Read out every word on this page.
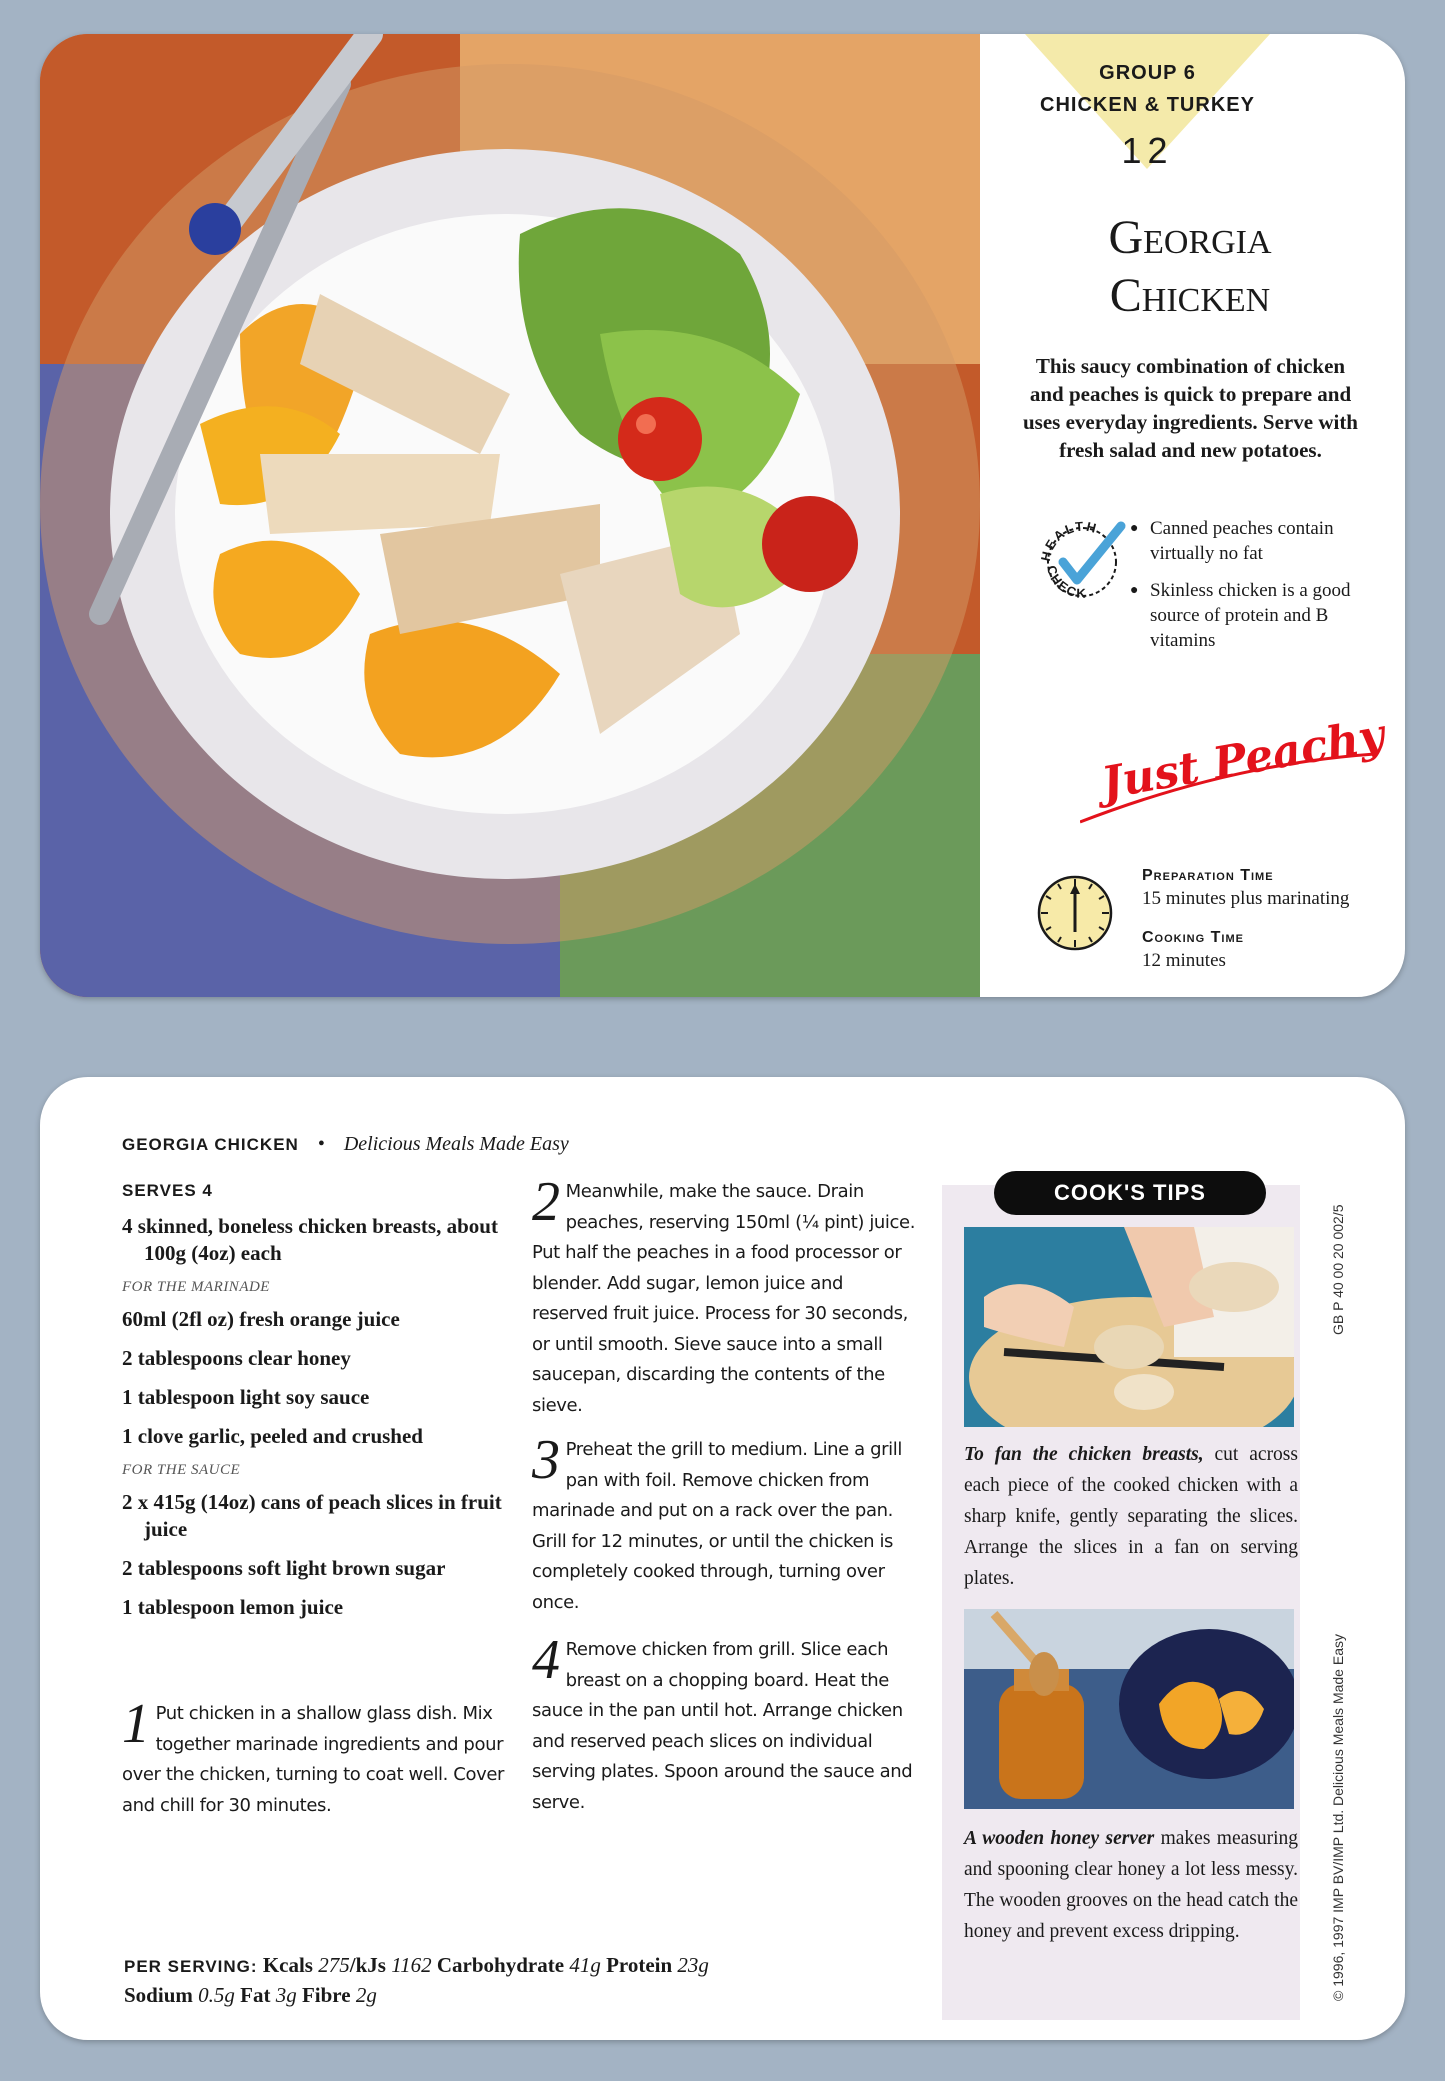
GROUP 6
CHICKEN & TURKEY
12
Georgia
Chicken
This saucy combination of chicken and peaches is quick to prepare and uses everyday ingredients. Serve with fresh salad and new potatoes.
HEALTH
CHECK
● Canned peaches contain virtually no fat
● Skinless chicken is a good source of protein and B vitamins
Just Peachy
Preparation Time
15 minutes plus marinating
Cooking Time
12 minutes
GEORGIA CHICKEN • Delicious Meals Made Easy
SERVES 4
4 skinned, boneless chicken breasts, about 100g (4oz) each
FOR THE MARINADE
60ml (2fl oz) fresh orange juice
2 tablespoons clear honey
1 tablespoon light soy sauce
1 clove garlic, peeled and crushed
FOR THE SAUCE
2 x 415g (14oz) cans of peach slices in fruit juice
2 tablespoons soft light brown sugar
1 tablespoon lemon juice
1 Put chicken in a shallow glass dish. Mix together marinade ingredients and pour over the chicken, turning to coat well. Cover and chill for 30 minutes.
2 Meanwhile, make the sauce. Drain peaches, reserving 150ml (¼ pint) juice. Put half the peaches in a food processor or blender. Add sugar, lemon juice and reserved fruit juice. Process for 30 seconds, or until smooth. Sieve sauce into a small saucepan, discarding the contents of the sieve.
3 Preheat the grill to medium. Line a grill pan with foil. Remove chicken from marinade and put on a rack over the pan. Grill for 12 minutes, or until the chicken is completely cooked through, turning over once.
4 Remove chicken from grill. Slice each breast on a chopping board. Heat the sauce in the pan until hot. Arrange chicken and reserved peach slices on individual serving plates. Spoon around the sauce and serve.
PER SERVING: Kcals 275/kJs 1162 Carbohydrate 41g Protein 23g
Sodium 0.5g Fat 3g Fibre 2g
COOK'S TIPS
To fan the chicken breasts, cut across each piece of the cooked chicken with a sharp knife, gently separating the slices. Arrange the slices in a fan on serving plates.
A wooden honey server makes measuring and spooning clear honey a lot less messy. The wooden grooves on the head catch the honey and prevent excess dripping.
GB P 40 00 20 002/5
© 1996, 1997 IMP BV/IMP Ltd. Delicious Meals Made Easy
